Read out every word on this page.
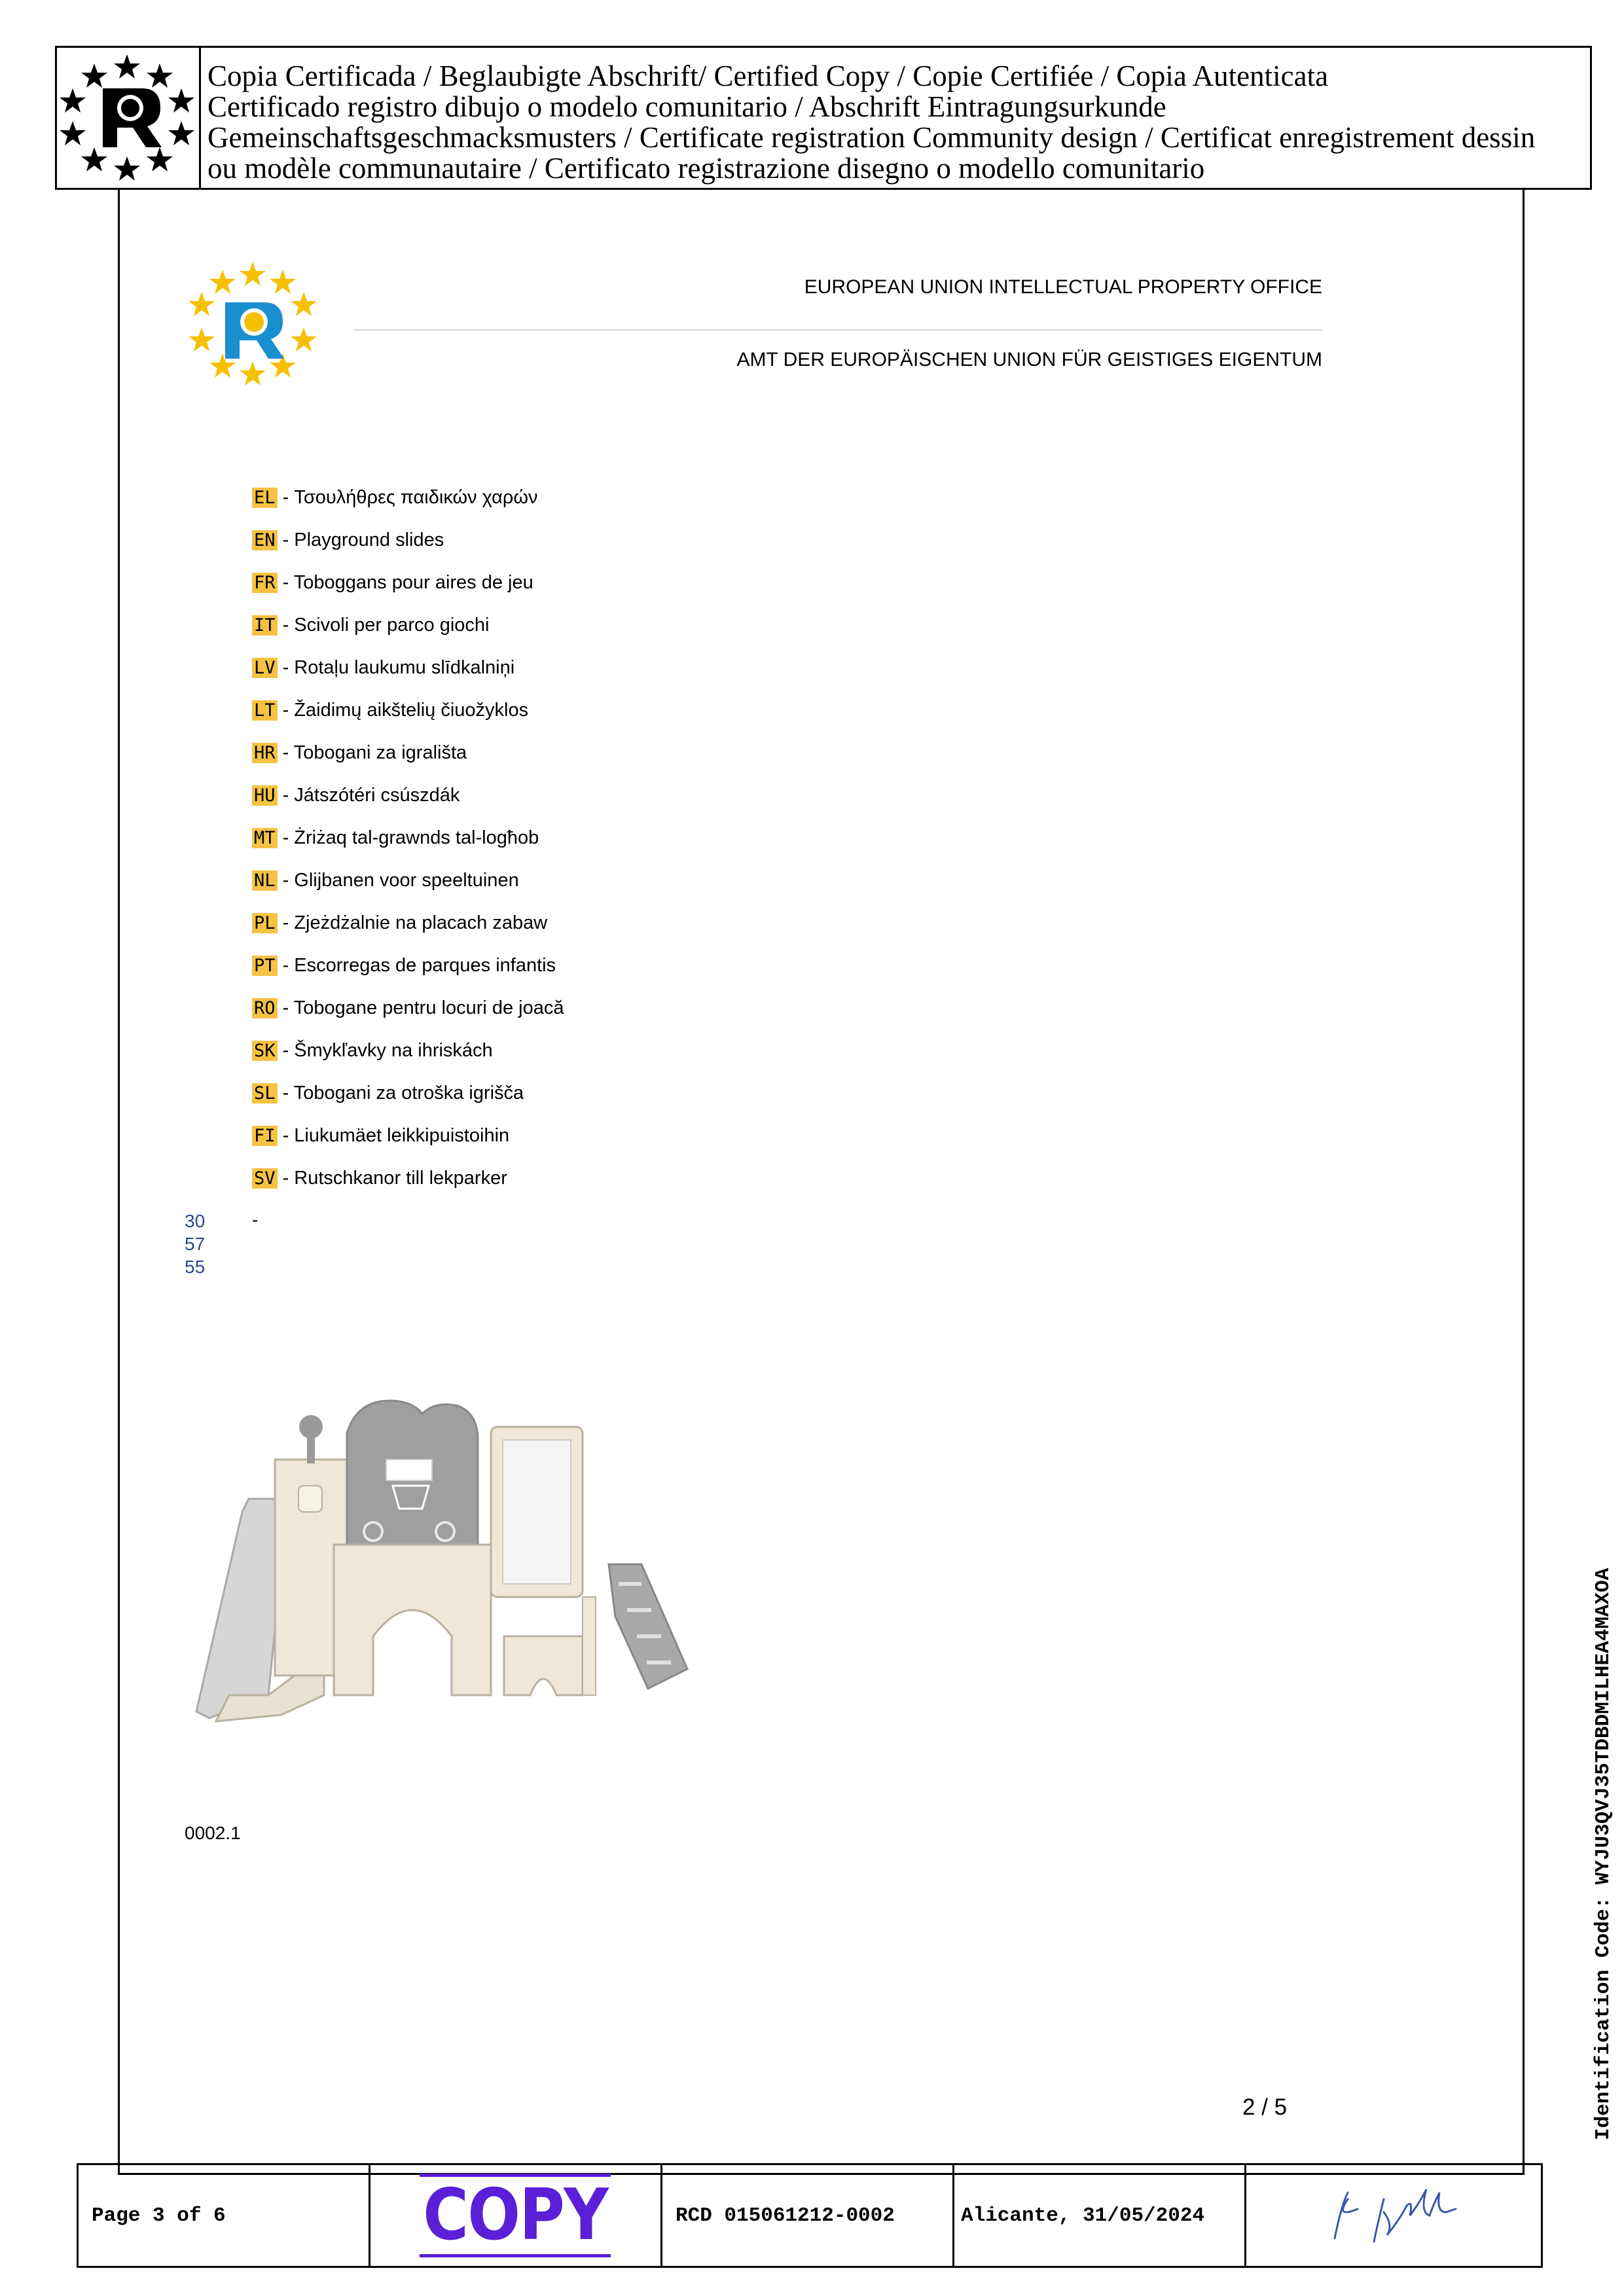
Copia Certificada / Beglaubigte Abschrift/ Certified Copy / Copie Certifiée / Copia Autenticata
Certificado registro dibujo o modelo comunitario / Abschrift Eintragungsurkunde
Gemeinschaftsgeschmacksmusters / Certificate registration Community design / Certificat enregistrement dessin
ou modèle communautaire / Certificato registrazione disegno o modello comunitario
EUROPEAN UNION INTELLECTUAL PROPERTY OFFICE
AMT DER EUROPÄISCHEN UNION FÜR GEISTIGES EIGENTUM
EL - Τσουλήθρες παιδικών χαρών
EN - Playground slides
FR - Toboggans pour aires de jeu
IT - Scivoli per parco giochi
LV - Rotaļu laukumu slīdkalniņi
LT - Žaidimų aikštelių čiuožyklos
HR - Tobogani za igrališta
HU - Játszótéri csúszdák
MT - Żriżaq tal-grawnds tal-logħob
NL - Glijbanen voor speeltuinen
PL - Zjeżdżalnie na placach zabaw
PT - Escorregas de parques infantis
RO - Tobogane pentru locuri de joacă
SK - Šmykľavky na ihriskách
SL - Tobogani za otroška igrišča
FI - Liukumäet leikkipuistoihin
SV - Rutschkanor till lekparker
30
57
55
-
0002.1
2 / 5	Identification Code: WYJU3QVJ35TDBDMILHEA4MAXOA
Page 3 of 6	COPY	RCD 015061212-0002	Alicante, 31/05/2024
